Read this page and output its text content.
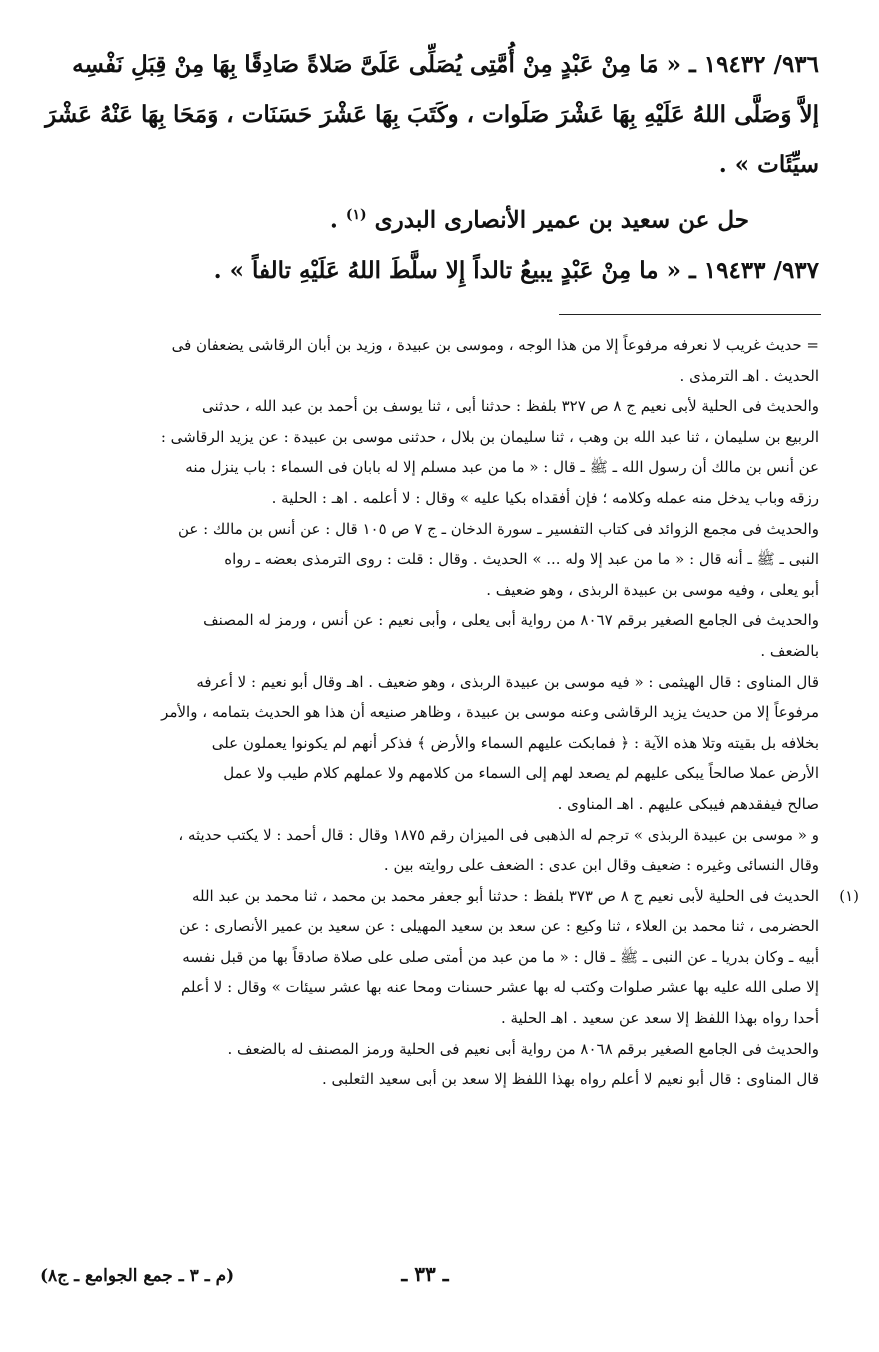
٩٣٦/ ١٩٤٣٢ ـ « مَا مِنْ عَبْدٍ مِنْ أُمَّتِى يُصَلِّى عَلَىَّ صَلاةً صَادِقًا بِهَا مِنْ قِبَلِ نَفْسِه

إلاَّ وَصَلَّى اللهُ عَلَيْهِ بِهَا عَشْرَ صَلَوات ، وكَتَبَ بِهَا عَشْرَ حَسَنَات ، وَمَحَا بِهَا عَنْهُ عَشْرَ

سيِّئَات » .

حل عن سعيد بن عمير الأنصارى البدرى $^{(١)}$ .

٩٣٧/ ١٩٤٣٣ ـ « ما مِنْ عَبْدٍ يبيعُ تالداً إِلا سلَّطَ اللهُ عَلَيْهِ تالفاً » .

= حديث غريب لا نعرفه مرفوعاً إلا من هذا الوجه ، وموسى بن عبيدة ، وزيد بن أبان الرقاشى يضعفان فى

الحديث . اهـ الترمذى .

والحديث فى الحلية لأبى نعيم ج ٨ ص ٣٢٧ بلفظ : حدثنا أبى ، ثنا يوسف بن أحمد بن عبد الله ، حدثنى

الربيع بن سليمان ، ثنا عبد الله بن وهب ، ثنا سليمان بن بلال ، حدثنى موسى بن عبيدة : عن يزيد الرقاشى :

عن أنس بن مالك أن رسول الله ـ ﷺ ـ قال : « ما من عبد مسلم إلا له بابان فى السماء : باب ينزل منه

رزقه وباب يدخل منه عمله وكلامه ؛ فإن أفقداه بكيا عليه » وقال : لا أعلمه . اهـ : الحلية .

والحديث فى مجمع الزوائد فى كتاب التفسير ـ سورة الدخان ـ ج ٧ ص ١٠٥ قال : عن أنس بن مالك : عن

النبى ـ ﷺ ـ أنه قال : « ما من عبد إلا وله ... » الحديث . وقال : قلت : روى الترمذى بعضه ـ رواه

أبو يعلى ، وفيه موسى بن عبيدة الربذى ، وهو ضعيف .

والحديث فى الجامع الصغير برقم ٨٠٦٧ من رواية أبى يعلى ، وأبى نعيم : عن أنس ، ورمز له المصنف

بالضعف .

قال المناوى : قال الهيثمى : « فيه موسى بن عبيدة الربذى ، وهو ضعيف . اهـ وقال أبو نعيم : لا أعرفه

مرفوعاً إلا من حديث يزيد الرقاشى وعنه موسى بن عبيدة ، وظاهر صنيعه أن هذا هو الحديث بتمامه ، والأمر

بخلافه بل بقيته وتلا هذه الآية : ﴿ فمابكت عليهم السماء والأرض ﴾ فذكر أنهم لم يكونوا يعملون على

الأرض عملا صالحاً يبكى عليهم لم يصعد لهم إلى السماء من كلامهم ولا عملهم كلام طيب ولا عمل

صالح فيفقدهم فيبكى عليهم . اهـ المناوى .

و « موسى بن عبيدة الربذى » ترجم له الذهبى فى الميزان رقم ١٨٧٥ وقال : قال أحمد : لا يكتب حديثه ،

وقال النسائى وغيره : ضعيف وقال ابن عدى : الضعف على روايته بين .

(١)

الحديث فى الحلية لأبى نعيم ج ٨ ص ٣٧٣ بلفظ : حدثنا أبو جعفر محمد بن محمد ، ثنا محمد بن عبد الله

الحضرمى ، ثنا محمد بن العلاء ، ثنا وكيع : عن سعد بن سعيد المهيلى : عن سعيد بن عمير الأنصارى : عن

أبيه ـ وكان بدريا ـ عن النبى ـ ﷺ ـ قال : « ما من عبد من أمتى صلى على صلاة صادقاً بها من قبل نفسه

إلا صلى الله عليه بها عشر صلوات وكتب له بها عشر حسنات ومحا عنه بها عشر سيئات » وقال : لا أعلم

أحدا رواه بهذا اللفظ إلا سعد عن سعيد . اهـ الحلية .

والحديث فى الجامع الصغير برقم ٨٠٦٨ من رواية أبى نعيم فى الحلية ورمز المصنف له بالضعف .

قال المناوى : قال أبو نعيم لا أعلم رواه بهذا اللفظ إلا سعد بن أبى سعيد الثعلبى .

ـ ٣٣ ـ
(م ـ ٣ ـ جمع الجوامع ـ ج٨)
